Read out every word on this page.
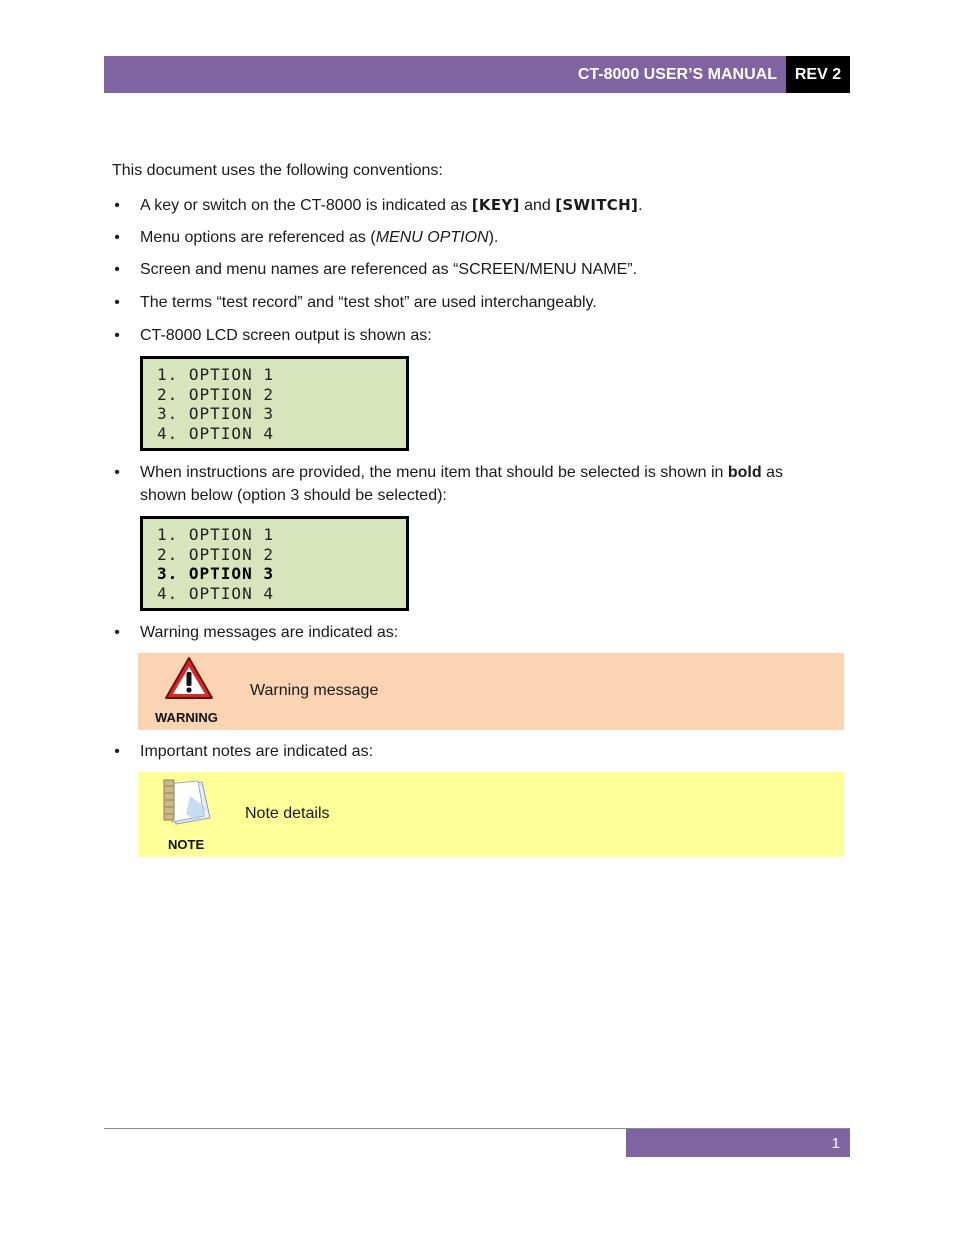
CT-8000 USER’S MANUAL	REV 2
This document uses the following conventions:
• A key or switch on the CT-8000 is indicated as [KEY] and [SWITCH].
• Menu options are referenced as (MENU OPTION).
• Screen and menu names are referenced as “SCREEN/MENU NAME”.
• The terms “test record” and “test shot” are used interchangeably.
• CT-8000 LCD screen output is shown as:
1. OPTION 1
2. OPTION 2
3. OPTION 3
4. OPTION 4
• When instructions are provided, the menu item that should be selected is shown in bold as
shown below (option 3 should be selected):
1. OPTION 1
2. OPTION 2
3. OPTION 3
4. OPTION 4
• Warning messages are indicated as:
WARNING
Warning message
• Important notes are indicated as:
NOTE
Note details
1
